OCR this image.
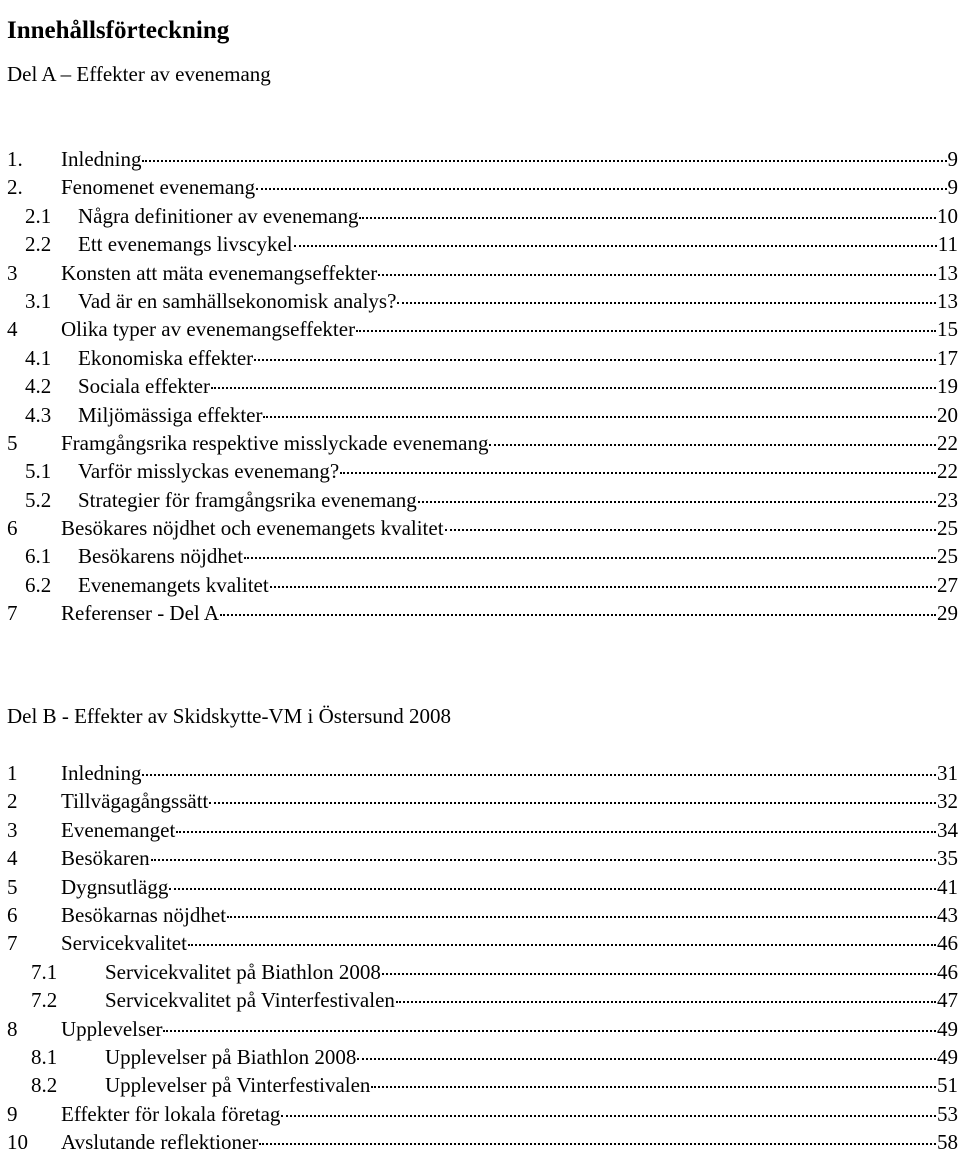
Innehållsförteckning
Del A – Effekter av evenemang
1. Inledning	9
2. Fenomenet evenemang	9
2.1 Några definitioner av evenemang	10
2.2 Ett evenemangs livscykel	11
3 Konsten att mäta evenemangseffekter	13
3.1 Vad är en samhällsekonomisk analys?	13
4 Olika typer av evenemangseffekter	15
4.1 Ekonomiska effekter	17
4.2 Sociala effekter	19
4.3 Miljömässiga effekter	20
5 Framgångsrika respektive misslyckade evenemang	22
5.1 Varför misslyckas evenemang?	22
5.2 Strategier för framgångsrika evenemang	23
6 Besökares nöjdhet och evenemangets kvalitet	25
6.1 Besökarens nöjdhet	25
6.2 Evenemangets kvalitet	27
7 Referenser - Del A	29
Del B - Effekter av Skidskytte-VM i Östersund 2008
1 Inledning	31
2 Tillvägagångssätt	32
3 Evenemanget	34
4 Besökaren	35
5 Dygnsutlägg	41
6 Besökarnas nöjdhet	43
7 Servicekvalitet	46
7.1 Servicekvalitet på Biathlon 2008	46
7.2 Servicekvalitet på Vinterfestivalen	47
8 Upplevelser	49
8.1 Upplevelser på Biathlon 2008	49
8.2 Upplevelser på Vinterfestivalen	51
9 Effekter för lokala företag	53
10 Avslutande reflektioner	58
